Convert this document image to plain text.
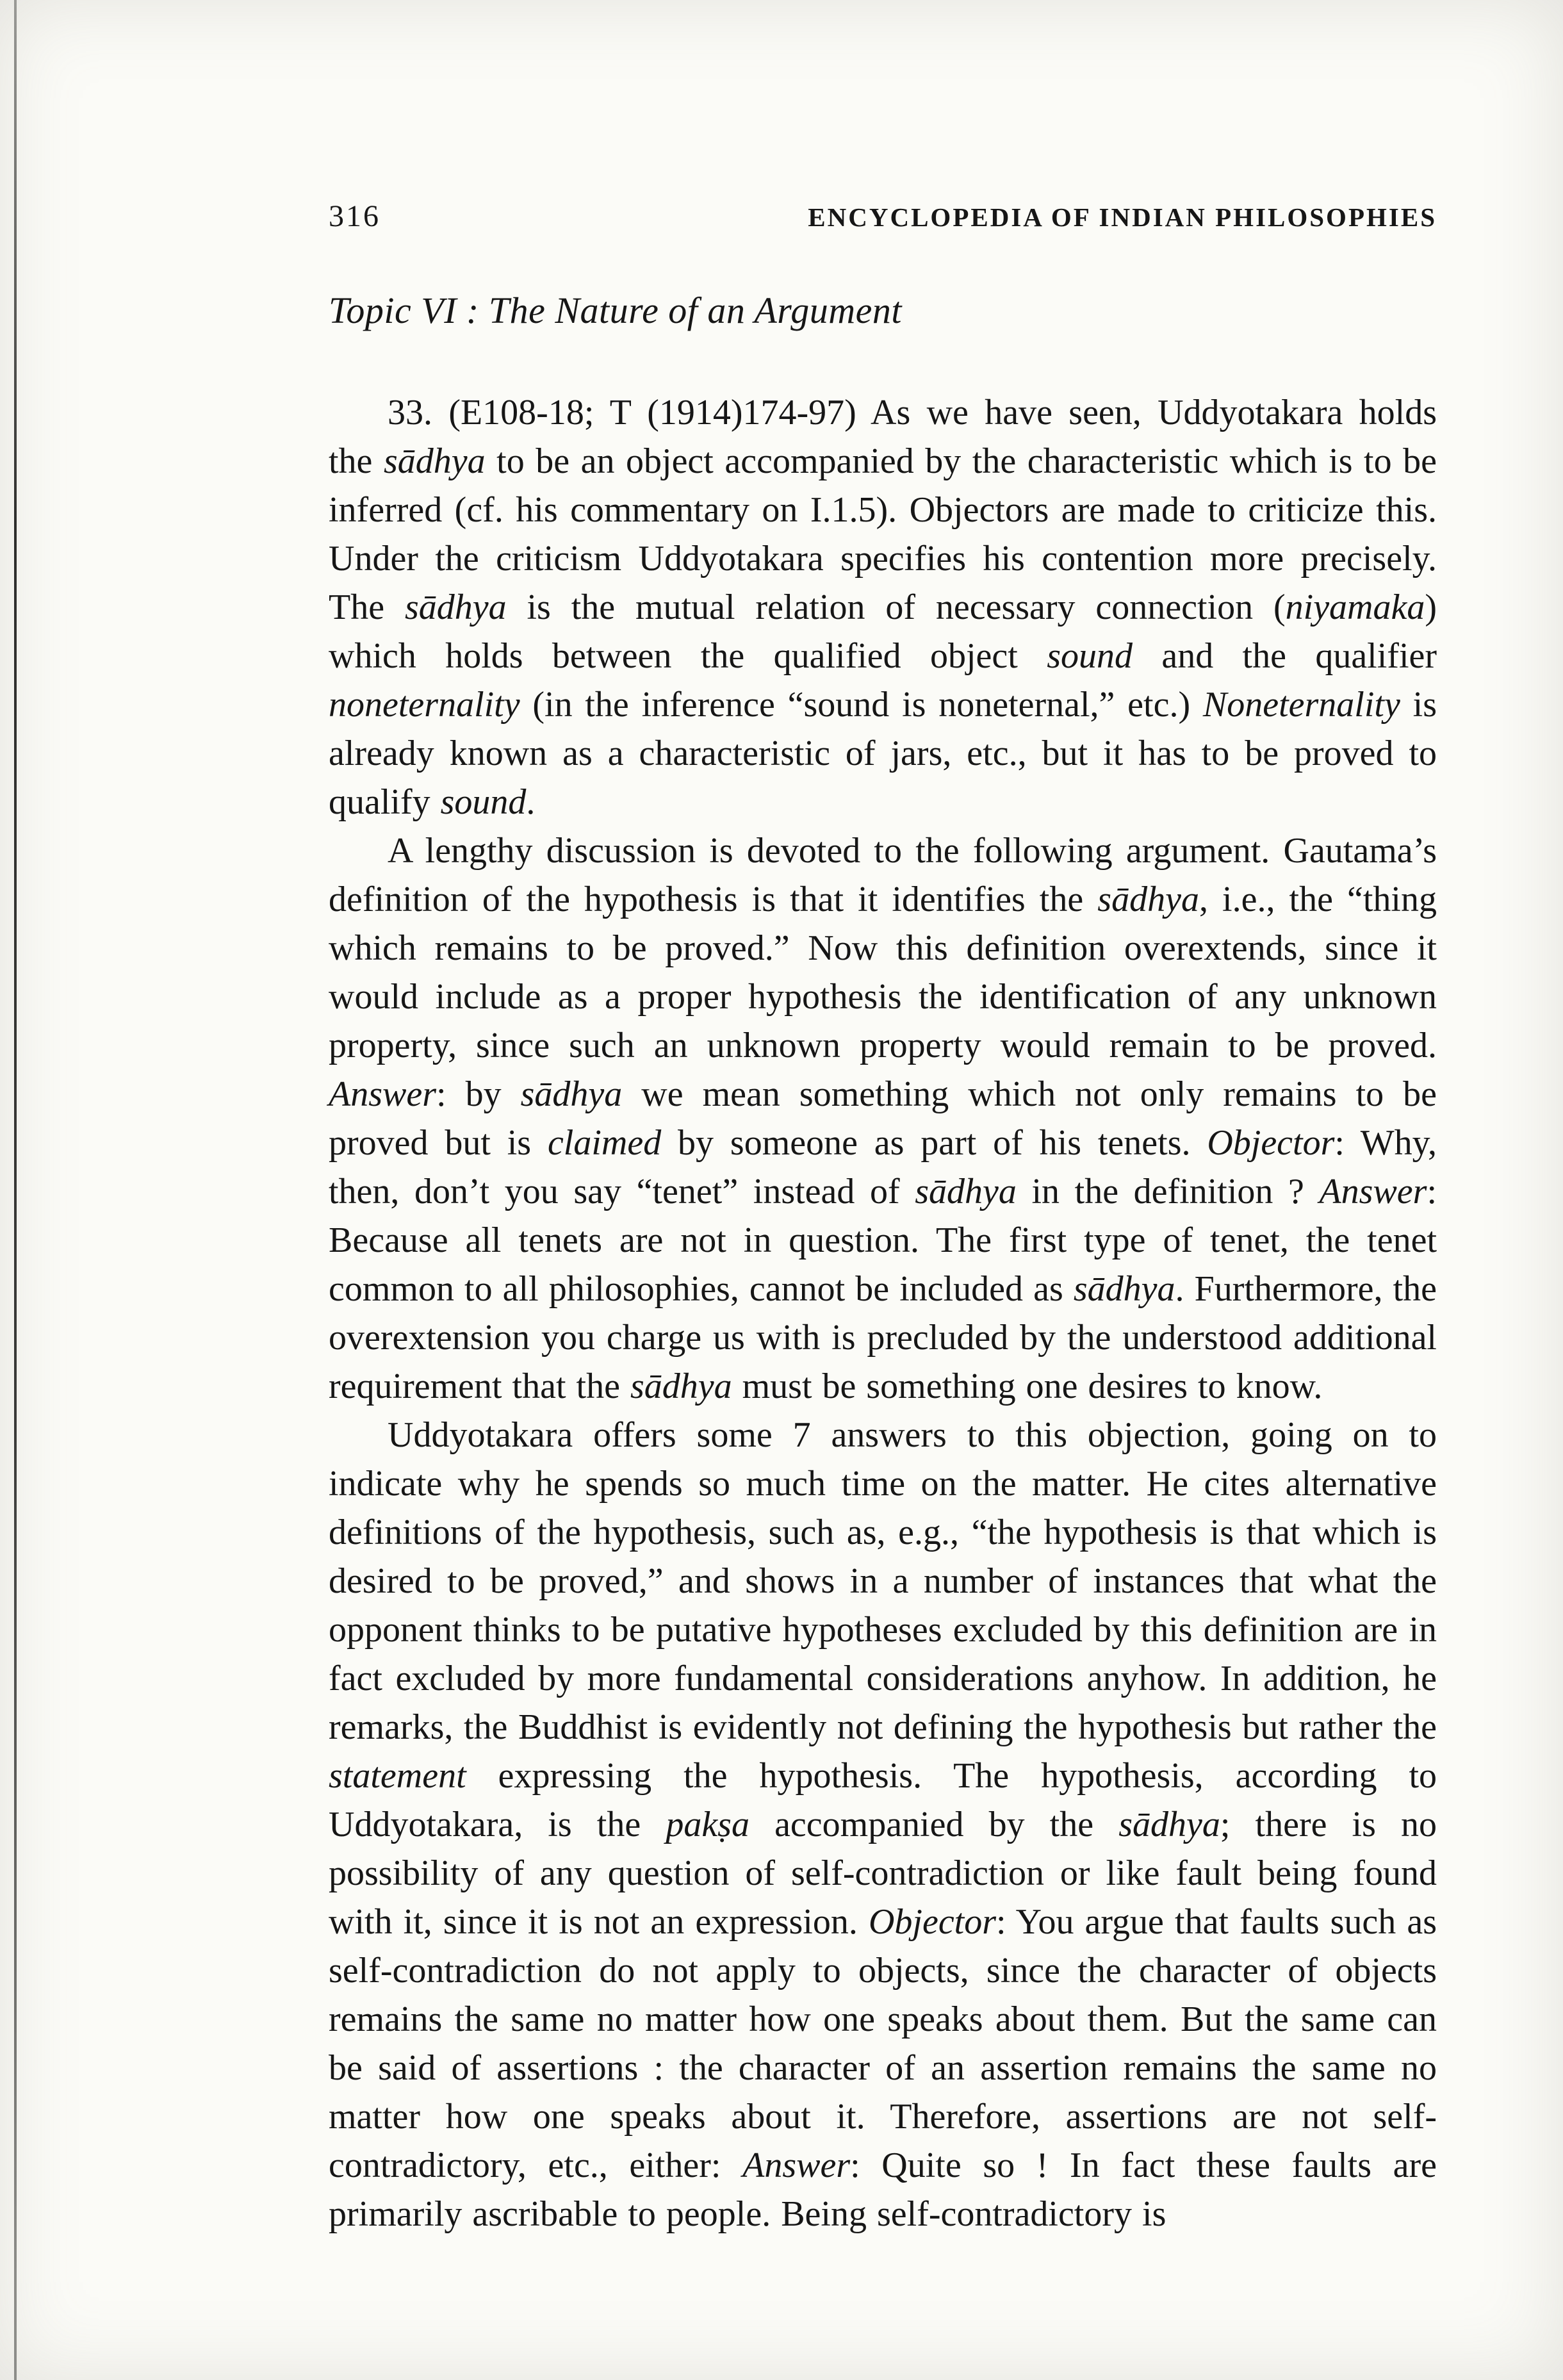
316	ENCYCLOPEDIA OF INDIAN PHILOSOPHIES
Topic VI : The Nature of an Argument

33. (E108-18; T (1914)174-97) As we have seen, Uddyotakara holds the sādhya to be an object accompanied by the characteristic which is to be inferred (cf. his commentary on I.1.5). Objectors are made to criticize this. Under the criticism Uddyotakara specifies his contention more precisely. The sādhya is the mutual relation of necessary connection (niyamaka) which holds between the qualified object sound and the qualifier noneternality (in the inference “sound is noneternal,” etc.) Noneternality is already known as a characteristic of jars, etc., but it has to be proved to qualify sound.

A lengthy discussion is devoted to the following argument. Gautama’s definition of the hypothesis is that it identifies the sādhya, i.e., the “thing which remains to be proved.” Now this definition overextends, since it would include as a proper hypothesis the identification of any unknown property, since such an unknown property would remain to be proved. Answer: by sādhya we mean something which not only remains to be proved but is claimed by someone as part of his tenets. Objector: Why, then, don’t you say “tenet” instead of sādhya in the definition ? Answer: Because all tenets are not in question. The first type of tenet, the tenet common to all philosophies, cannot be included as sādhya. Furthermore, the overextension you charge us with is precluded by the understood additional requirement that the sādhya must be something one desires to know.

Uddyotakara offers some 7 answers to this objection, going on to indicate why he spends so much time on the matter. He cites alternative definitions of the hypothesis, such as, e.g., “the hypothesis is that which is desired to be proved,” and shows in a number of instances that what the opponent thinks to be putative hypotheses excluded by this definition are in fact excluded by more fundamental considerations anyhow. In addition, he remarks, the Buddhist is evidently not defining the hypothesis but rather the statement expressing the hypothesis. The hypothesis, according to Uddyotakara, is the pakṣa accompanied by the sādhya; there is no possibility of any question of self-contradiction or like fault being found with it, since it is not an expression. Objector: You argue that faults such as self-contradiction do not apply to objects, since the character of objects remains the same no matter how one speaks about them. But the same can be said of assertions : the character of an assertion remains the same no matter how one speaks about it. Therefore, assertions are not self-contradictory, etc., either: Answer: Quite so ! In fact these faults are primarily ascribable to people. Being self-contradictory is
